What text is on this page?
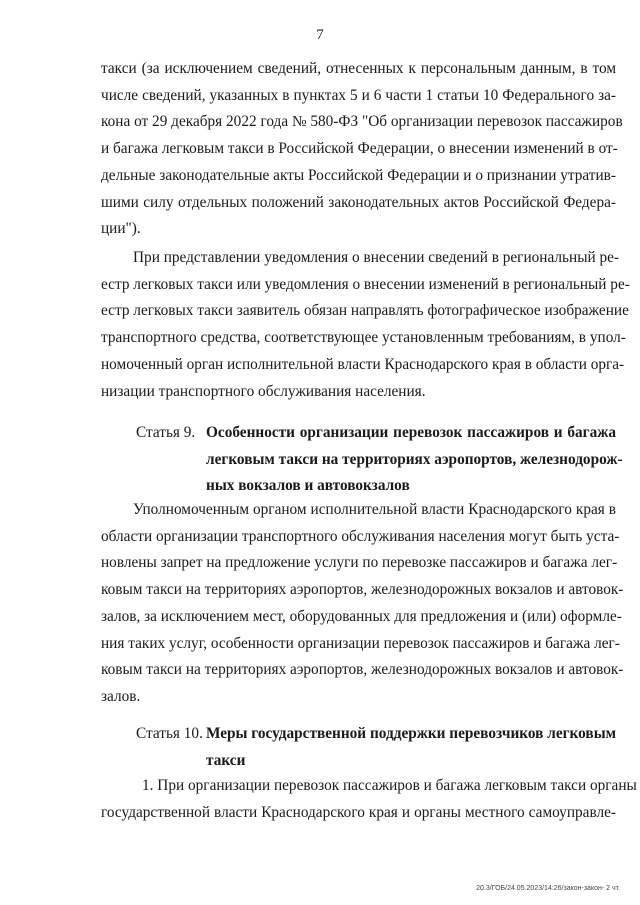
7
такси (за исключением сведений, отнесенных к персональным данным, в том
числе сведений, указанных в пунктах 5 и 6 части 1 статьи 10 Федерального за-
кона от 29 декабря 2022 года № 580-ФЗ "Об организации перевозок пассажиров
и багажа легковым такси в Российской Федерации, о внесении изменений в от-
дельные законодательные акты Российской Федерации и о признании утратив-
шими силу отдельных положений законодательных актов Российской Федера-
ции").
При представлении уведомления о внесении сведений в региональный ре-
естр легковых такси или уведомления о внесении изменений в региональный ре-
естр легковых такси заявитель обязан направлять фотографическое изображение
транспортного средства, соответствующее установленным требованиям, в упол-
номоченный орган исполнительной власти Краснодарского края в области орга-
низации транспортного обслуживания населения.
Статья 9. Особенности организации перевозок пассажиров и багажа
легковым такси на территориях аэропортов, железнодорож-
ных вокзалов и автовокзалов
Уполномоченным органом исполнительной власти Краснодарского края в
области организации транспортного обслуживания населения могут быть уста-
новлены запрет на предложение услуги по перевозке пассажиров и багажа лег-
ковым такси на территориях аэропортов, железнодорожных вокзалов и автовок-
залов, за исключением мест, оборудованных для предложения и (или) оформле-
ния таких услуг, особенности организации перевозок пассажиров и багажа лег-
ковым такси на территориях аэропортов, железнодорожных вокзалов и автовок-
залов.
Статья 10. Меры государственной поддержки перевозчиков легковым
такси
1. При организации перевозок пассажиров и багажа легковым такси органы
государственной власти Краснодарского края и органы местного самоуправле-
20.3/ГОБ/24.05.2023/14:26/закон-закон- 2 чт.
